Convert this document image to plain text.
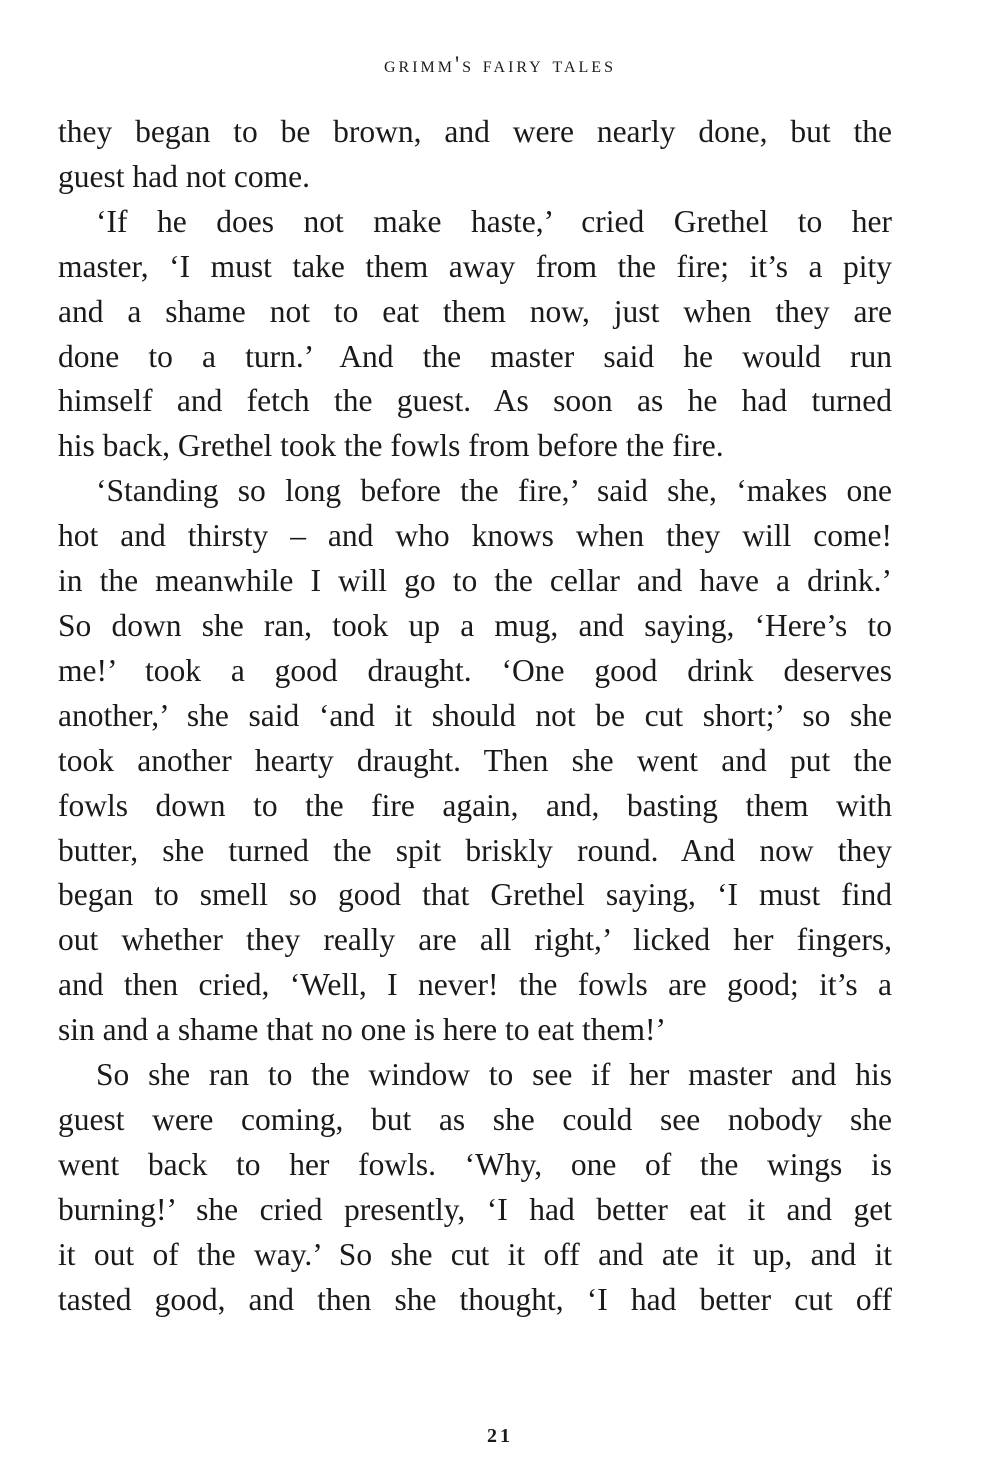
grimm's fairy tales
they began to be brown, and were nearly done, but the
guest had not come.
‘If he does not make haste,’ cried Grethel to her
master, ‘I must take them away from the fire; it’s a pity
and a shame not to eat them now, just when they are
done to a turn.’ And the master said he would run
himself and fetch the guest. As soon as he had turned
his back, Grethel took the fowls from before the fire.
‘Standing so long before the fire,’ said she, ‘makes one
hot and thirsty – and who knows when they will come!
in the meanwhile I will go to the cellar and have a drink.’
So down she ran, took up a mug, and saying, ‘Here’s to
me!’ took a good draught. ‘One good drink deserves
another,’ she said ‘and it should not be cut short;’ so she
took another hearty draught. Then she went and put the
fowls down to the fire again, and, basting them with
butter, she turned the spit briskly round. And now they
began to smell so good that Grethel saying, ‘I must find
out whether they really are all right,’ licked her fingers,
and then cried, ‘Well, I never! the fowls are good; it’s a
sin and a shame that no one is here to eat them!’
So she ran to the window to see if her master and his
guest were coming, but as she could see nobody she
went back to her fowls. ‘Why, one of the wings is
burning!’ she cried presently, ‘I had better eat it and get
it out of the way.’ So she cut it off and ate it up, and it
tasted good, and then she thought, ‘I had better cut off
21
